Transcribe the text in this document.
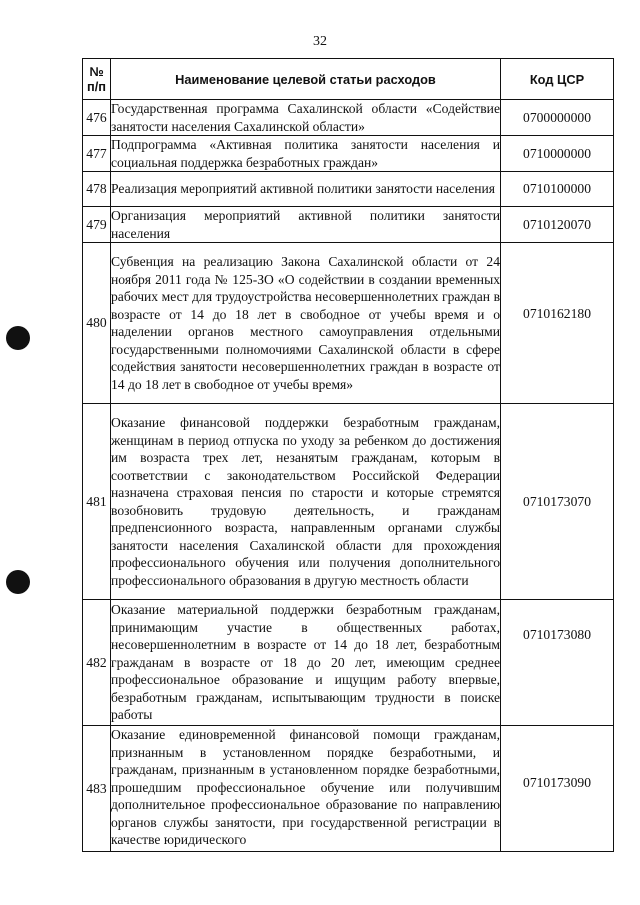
32
№ п/п	Наименование целевой статьи расходов	Код ЦСР
476	Государственная программа Сахалинской области «Содействие занятости населения Сахалинской области»	0700000000
477	Подпрограмма «Активная политика занятости населения и социальная поддержка безработных граждан»	0710000000
478	Реализация мероприятий активной политики занятости населения	0710100000
479	Организация мероприятий активной политики занятости населения	0710120070
480	Субвенция на реализацию Закона Сахалинской области от 24 ноября 2011 года № 125-ЗО «О содействии в создании временных рабочих мест для трудоустройства несовершеннолетних граждан в возрасте от 14 до 18 лет в свободное от учебы время и о наделении органов местного самоуправления отдельными государственными полномочиями Сахалинской области в сфере содействия занятости несовершеннолетних граждан в возрасте от 14 до 18 лет в свободное от учебы время»	0710162180
481	Оказание финансовой поддержки безработным гражданам, женщинам в период отпуска по уходу за ребенком до достижения им возраста трех лет, незанятым гражданам, которым в соответствии с законодательством Российской Федерации назначена страховая пенсия по старости и которые стремятся возобновить трудовую деятельность, и гражданам предпенсионного возраста, направленным органами службы занятости населения Сахалинской области для прохождения профессионального обучения или получения дополнительного профессионального образования в другую местность области	0710173070
482	Оказание материальной поддержки безработным гражданам, принимающим участие в общественных работах, несовершеннолетним в возрасте от 14 до 18 лет, безработным гражданам в возрасте от 18 до 20 лет, имеющим среднее профессиональное образование и ищущим работу впервые, безработным гражданам, испытывающим трудности в поиске работы	0710173080
483	Оказание единовременной финансовой помощи гражданам, признанным в установленном порядке безработными, и гражданам, признанным в установленном порядке безработными, прошедшим профессиональное обучение или получившим дополнительное профессиональное образование по направлению органов службы занятости, при государственной регистрации в качестве юридического	0710173090
